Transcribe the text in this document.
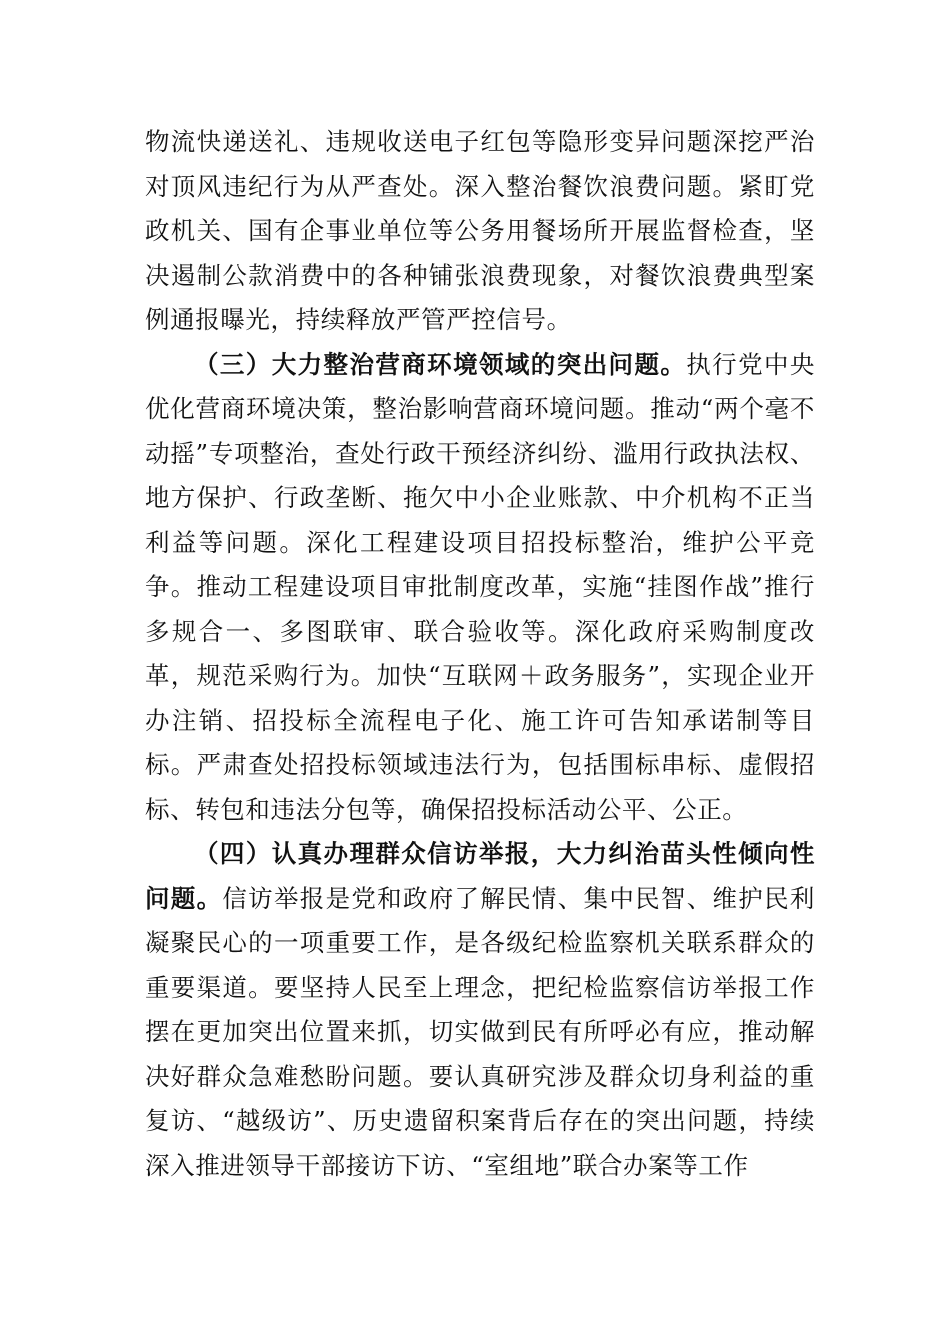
物流快递送礼、违规收送电子红包等隐形变异问题深挖严治对顶风违纪行为从严查处。深入整治餐饮浪费问题。紧盯党政机关、国有企事业单位等公务用餐场所开展监督检查，坚决遏制公款消费中的各种铺张浪费现象，对餐饮浪费典型案例通报曝光，持续释放严管严控信号。

（三）大力整治营商环境领域的突出问题。执行党中央优化营商环境决策，整治影响营商环境问题。推动“两个毫不动摇”专项整治，查处行政干预经济纠纷、滥用行政执法权、地方保护、行政垄断、拖欠中小企业账款、中介机构不正当利益等问题。深化工程建设项目招投标整治，维护公平竞争。推动工程建设项目审批制度改革，实施“挂图作战”推行多规合一、多图联审、联合验收等。深化政府采购制度改革，规范采购行为。加快“互联网＋政务服务”，实现企业开办注销、招投标全流程电子化、施工许可告知承诺制等目标。严肃查处招投标领域违法行为，包括围标串标、虚假招标、转包和违法分包等，确保招投标活动公平、公正。

（四）认真办理群众信访举报，大力纠治苗头性倾向性问题。信访举报是党和政府了解民情、集中民智、维护民利凝聚民心的一项重要工作，是各级纪检监察机关联系群众的重要渠道。要坚持人民至上理念，把纪检监察信访举报工作摆在更加突出位置来抓，切实做到民有所呼必有应，推动解决好群众急难愁盼问题。要认真研究涉及群众切身利益的重复访、“越级访”、历史遗留积案背后存在的突出问题，持续深入推进领导干部接访下访、“室组地”联合办案等工作
